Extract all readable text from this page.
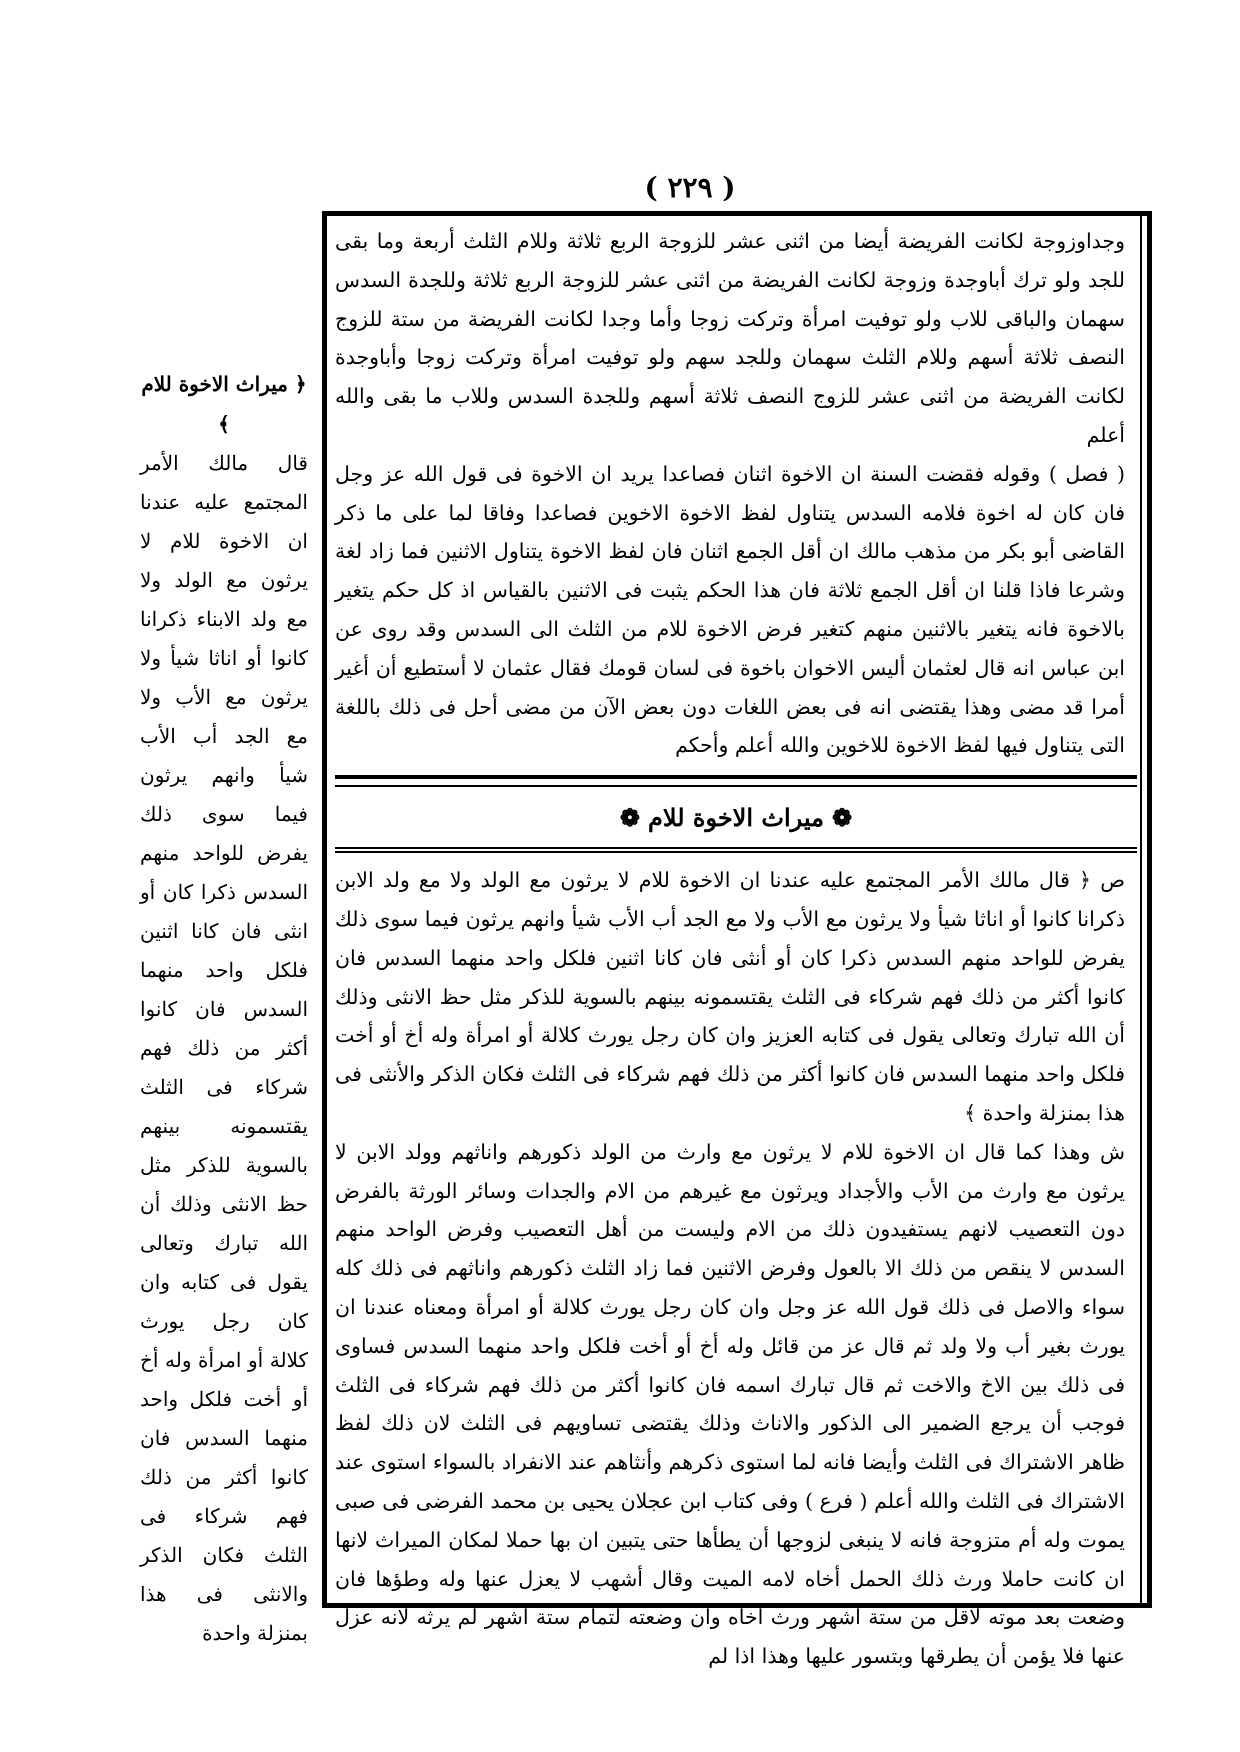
( ٢٢٩ )

وجداوزوجة لكانت الفريضة أيضا من اثنى عشر للزوجة الربع ثلاثة وللام الثلث أربعة وما بقى للجد ولو ترك أباوجدة وزوجة لكانت الفريضة من اثنى عشر للزوجة الربع ثلاثة وللجدة السدس سهمان والباقى للاب ولو توفيت امرأة وتركت زوجا وأما وجدا لكانت الفريضة من ستة للزوج النصف ثلاثة أسهم وللام الثلث سهمان وللجد سهم ولو توفيت امرأة وتركت زوجا وأباوجدة لكانت الفريضة من اثنى عشر للزوج النصف ثلاثة أسهم وللجدة السدس وللاب ما بقى والله أعلم

( فصل ) وقوله فقضت السنة ان الاخوة اثنان فصاعدا يريد ان الاخوة فى قول الله عز وجل فان كان له اخوة فلامه السدس يتناول لفظ الاخوة الاخوين فصاعدا وفاقا لما على ما ذكر القاضى أبو بكر من مذهب مالك ان أقل الجمع اثنان فان لفظ الاخوة يتناول الاثنين فما زاد لغة وشرعا فاذا قلنا ان أقل الجمع ثلاثة فان هذا الحكم يثبت فى الاثنين بالقياس اذ كل حكم يتغير بالاخوة فانه يتغير بالاثنين منهم كتغير فرض الاخوة للام من الثلث الى السدس وقد روى عن ابن عباس انه قال لعثمان أليس الاخوان باخوة فى لسان قومك فقال عثمان لا أستطيع أن أغير أمرا قد مضى وهذا يقتضى انه فى بعض اللغات دون بعض الآن من مضى أحل فى ذلك باللغة التى يتناول فيها لفظ الاخوة للاخوين والله أعلم وأحكم

❁
ميراث الاخوة للام
❁

ص ﴿ قال مالك الأمر المجتمع عليه عندنا ان الاخوة للام لا يرثون مع الولد ولا مع ولد الابن ذكرانا كانوا أو اناثا شيأ ولا يرثون مع الأب ولا مع الجد أب الأب شيأ وانهم يرثون فيما سوى ذلك يفرض للواحد منهم السدس ذكرا كان أو أنثى فان كانا اثنين فلكل واحد منهما السدس فان كانوا أكثر من ذلك فهم شركاء فى الثلث يقتسمونه بينهم بالسوية للذكر مثل حظ الانثى وذلك أن الله تبارك وتعالى يقول فى كتابه العزيز وان كان رجل يورث كلالة أو امرأة وله أخ أو أخت فلكل واحد منهما السدس فان كانوا أكثر من ذلك فهم شركاء فى الثلث فكان الذكر والأنثى فى هذا بمنزلة واحدة ﴾

ش وهذا كما قال ان الاخوة للام لا يرثون مع وارث من الولد ذكورهم واناثهم وولد الابن لا يرثون مع وارث من الأب والأجداد ويرثون مع غيرهم من الام والجدات وسائر الورثة بالفرض دون التعصيب لانهم يستفيدون ذلك من الام وليست من أهل التعصيب وفرض الواحد منهم السدس لا ينقص من ذلك الا بالعول وفرض الاثنين فما زاد الثلث ذكورهم واناثهم فى ذلك كله سواء والاصل فى ذلك قول الله عز وجل وان كان رجل يورث كلالة أو امرأة ومعناه عندنا ان يورث بغير أب ولا ولد ثم قال عز من قائل وله أخ أو أخت فلكل واحد منهما السدس فساوى فى ذلك بين الاخ والاخت ثم قال تبارك اسمه فان كانوا أكثر من ذلك فهم شركاء فى الثلث فوجب أن يرجع الضمير الى الذكور والاناث وذلك يقتضى تساويهم فى الثلث لان ذلك لفظ ظاهر الاشتراك فى الثلث وأيضا فانه لما استوى ذكرهم وأنثاهم عند الانفراد بالسواء استوى عند الاشتراك فى الثلث والله أعلم ( فرع ) وفى كتاب ابن عجلان يحيى بن محمد الفرضى فى صبى يموت وله أم متزوجة فانه لا ينبغى لزوجها أن يطأها حتى يتبين ان بها حملا لمكان الميراث لانها ان كانت حاملا ورث ذلك الحمل أخاه لامه الميت وقال أشهب لا يعزل عنها وله وطؤها فان وضعت بعد موته لاقل من ستة أشهر ورث أخاه وان وضعته لتمام ستة أشهر لم يرثه لانه عزل عنها فلا يؤمن أن يطرقها وبتسور عليها وهذا اذا لم

﴿ ميراث الاخوة للام ﴾
قال مالك الأمر المجتمع عليه عندنا ان الاخوة للام لا يرثون مع الولد ولا مع ولد الابناء ذكرانا كانوا أو اناثا شيأ ولا يرثون مع الأب ولا مع الجد أب الأب شيأ وانهم يرثون فيما سوى ذلك يفرض للواحد منهم السدس ذكرا كان أو انثى فان كانا اثنين فلكل واحد منهما السدس فان كانوا أكثر من ذلك فهم شركاء فى الثلث يقتسمونه بينهم بالسوية للذكر مثل حظ الانثى وذلك أن الله تبارك وتعالى يقول فى كتابه وان كان رجل يورث كلالة أو امرأة وله أخ أو أخت فلكل واحد منهما السدس فان كانوا أكثر من ذلك فهم شركاء فى الثلث فكان الذكر والانثى فى هذا بمنزلة واحدة
